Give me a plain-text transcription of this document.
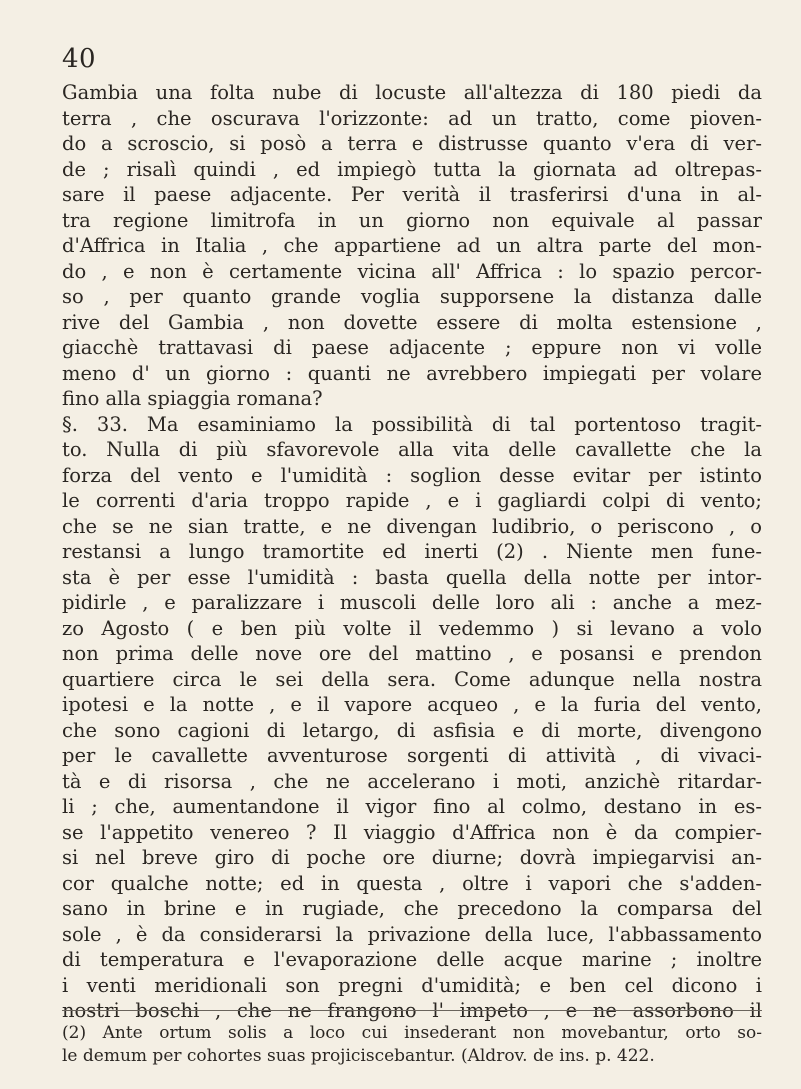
40
Gambia una folta nube di locuste all'altezza di 180 piedi da
terra , che oscurava l'orizzonte: ad un tratto, come pioven-
do a scroscio, si posò a terra e distrusse quanto v'era di ver-
de ; risalì quindi , ed impiegò tutta la giornata ad oltrepas-
sare il paese adjacente. Per verità il trasferirsi d'una in al-
tra regione limitrofa in un giorno non equivale al passar
d'Affrica in Italia , che appartiene ad un altra parte del mon-
do , e non è certamente vicina all' Affrica : lo spazio percor-
so , per quanto grande voglia supporsene la distanza dalle
rive del Gambia , non dovette essere di molta estensione ,
giacchè trattavasi di paese adjacente ; eppure non vi volle
meno d' un giorno : quanti ne avrebbero impiegati per volare
fino alla spiaggia romana?
§. 33. Ma esaminiamo la possibilità di tal portentoso tragit-
to. Nulla di più sfavorevole alla vita delle cavallette che la
forza del vento e l'umidità : soglion desse evitar per istinto
le correnti d'aria troppo rapide , e i gagliardi colpi di vento;
che se ne sian tratte, e ne divengan ludibrio, o periscono , o
restansi a lungo tramortite ed inerti (2) . Niente men fune-
sta è per esse l'umidità : basta quella della notte per intor-
pidirle , e paralizzare i muscoli delle loro ali : anche a mez-
zo Agosto ( e ben più volte il vedemmo ) si levano a volo
non prima delle nove ore del mattino , e posansi e prendon
quartiere circa le sei della sera. Come adunque nella nostra
ipotesi e la notte , e il vapore acqueo , e la furia del vento,
che sono cagioni di letargo, di asfisia e di morte, divengono
per le cavallette avventurose sorgenti di attività , di vivaci-
tà e di risorsa , che ne accelerano i moti, anzichè ritardar-
li ; che, aumentandone il vigor fino al colmo, destano in es-
se l'appetito venereo ? Il viaggio d'Affrica non è da compier-
si nel breve giro di poche ore diurne; dovrà impiegarvisi an-
cor qualche notte; ed in questa , oltre i vapori che s'adden-
sano in brine e in rugiade, che precedono la comparsa del
sole , è da considerarsi la privazione della luce, l'abbassamento
di temperatura e l'evaporazione delle acque marine ; inoltre
i venti meridionali son pregni d'umidità; e ben cel dicono i
nostri boschi , che ne frangono l' impeto , e ne assorbono il
(2) Ante ortum solis a loco cui insederant non movebantur, orto so-
le demum per cohortes suas projiciscebantur. (Aldrov. de ins. p. 422.
